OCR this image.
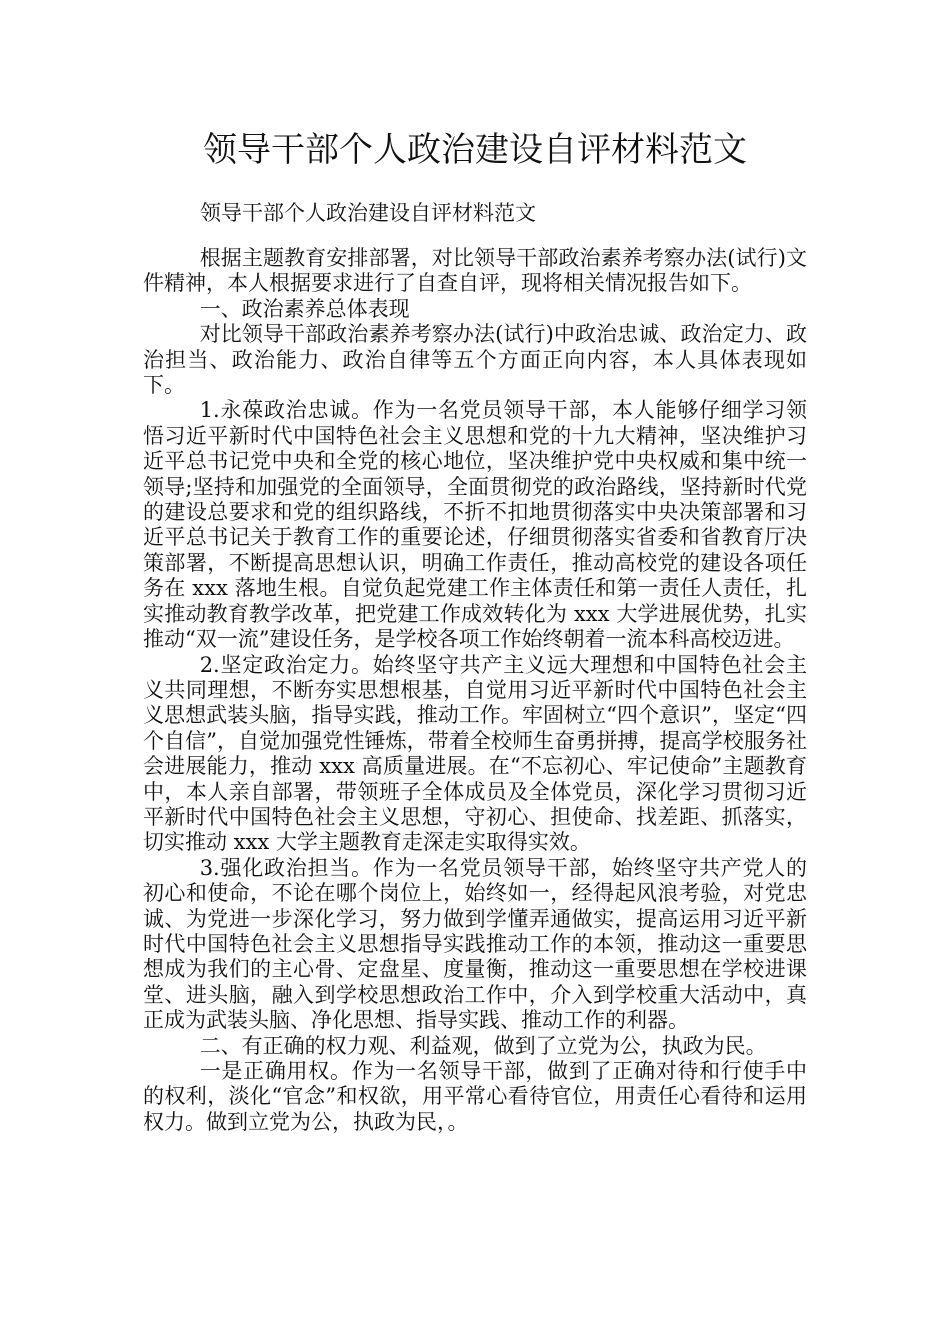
领导干部个人政治建设自评材料范文

领导干部个人政治建设自评材料范文

根据主题教育安排部署，对比领导干部政治素养考察办法(试行)文件精神，本人根据要求进行了自查自评，现将相关情况报告如下。

一、政治素养总体表现

对比领导干部政治素养考察办法(试行)中政治忠诚、政治定力、政治担当、政治能力、政治自律等五个方面正向内容，本人具体表现如下。

1.永葆政治忠诚。作为一名党员领导干部，本人能够仔细学习领悟习近平新时代中国特色社会主义思想和党的十九大精神，坚决维护习近平总书记党中央和全党的核心地位，坚决维护党中央权威和集中统一领导;坚持和加强党的全面领导，全面贯彻党的政治路线，坚持新时代党的建设总要求和党的组织路线，不折不扣地贯彻落实中央决策部署和习近平总书记关于教育工作的重要论述，仔细贯彻落实省委和省教育厅决策部署，不断提高思想认识，明确工作责任，推动高校党的建设各项任务在 xxx 落地生根。自觉负起党建工作主体责任和第一责任人责任，扎实推动教育教学改革，把党建工作成效转化为 xxx 大学进展优势，扎实推动“双一流”建设任务，是学校各项工作始终朝着一流本科高校迈进。

2.坚定政治定力。始终坚守共产主义远大理想和中国特色社会主义共同理想，不断夯实思想根基，自觉用习近平新时代中国特色社会主义思想武装头脑，指导实践，推动工作。牢固树立“四个意识”，坚定“四个自信”，自觉加强党性锤炼，带着全校师生奋勇拼搏，提高学校服务社会进展能力，推动 xxx 高质量进展。在“不忘初心、牢记使命”主题教育中，本人亲自部署，带领班子全体成员及全体党员，深化学习贯彻习近平新时代中国特色社会主义思想，守初心、担使命、找差距、抓落实，切实推动 xxx 大学主题教育走深走实取得实效。

3.强化政治担当。作为一名党员领导干部，始终坚守共产党人的初心和使命，不论在哪个岗位上，始终如一，经得起风浪考验，对党忠诚、为党进一步深化学习，努力做到学懂弄通做实，提高运用习近平新时代中国特色社会主义思想指导实践推动工作的本领，推动这一重要思想成为我们的主心骨、定盘星、度量衡，推动这一重要思想在学校进课堂、进头脑，融入到学校思想政治工作中，介入到学校重大活动中，真正成为武装头脑、净化思想、指导实践、推动工作的利器。

二、有正确的权力观、利益观，做到了立党为公，执政为民。

一是正确用权。作为一名领导干部，做到了正确对待和行使手中的权利，淡化“官念”和权欲，用平常心看待官位，用责任心看待和运用权力。做到立党为公，执政为民，。
